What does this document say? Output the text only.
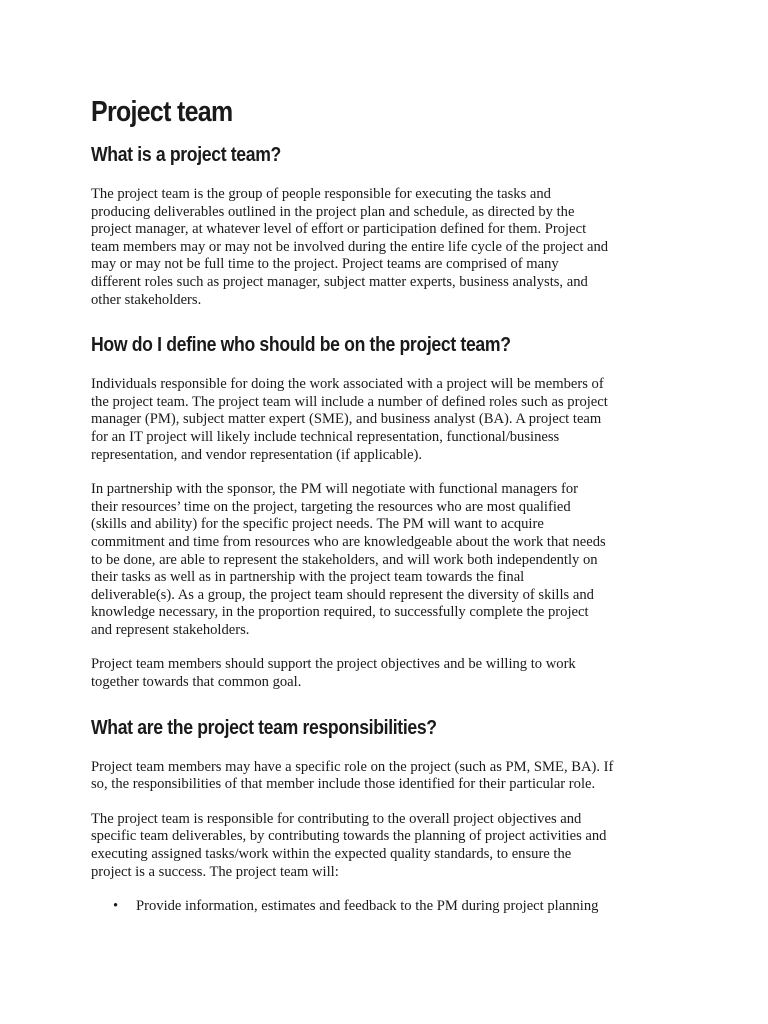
Project team
What is a project team?

The project team is the group of people responsible for executing the tasks and
producing deliverables outlined in the project plan and schedule, as directed by the
project manager, at whatever level of effort or participation defined for them. Project
team members may or may not be involved during the entire life cycle of the project and
may or may not be full time to the project. Project teams are comprised of many
different roles such as project manager, subject matter experts, business analysts, and
other stakeholders.

How do I define who should be on the project team?

Individuals responsible for doing the work associated with a project will be members of
the project team. The project team will include a number of defined roles such as project
manager (PM), subject matter expert (SME), and business analyst (BA). A project team
for an IT project will likely include technical representation, functional/business
representation, and vendor representation (if applicable).

In partnership with the sponsor, the PM will negotiate with functional managers for
their resources’ time on the project, targeting the resources who are most qualified
(skills and ability) for the specific project needs. The PM will want to acquire
commitment and time from resources who are knowledgeable about the work that needs
to be done, are able to represent the stakeholders, and will work both independently on
their tasks as well as in partnership with the project team towards the final
deliverable(s). As a group, the project team should represent the diversity of skills and
knowledge necessary, in the proportion required, to successfully complete the project
and represent stakeholders.

Project team members should support the project objectives and be willing to work
together towards that common goal.

What are the project team responsibilities?

Project team members may have a specific role on the project (such as PM, SME, BA). If
so, the responsibilities of that member include those identified for their particular role.

The project team is responsible for contributing to the overall project objectives and
specific team deliverables, by contributing towards the planning of project activities and
executing assigned tasks/work within the expected quality standards, to ensure the
project is a success. The project team will:

• Provide information, estimates and feedback to the PM during project planning
